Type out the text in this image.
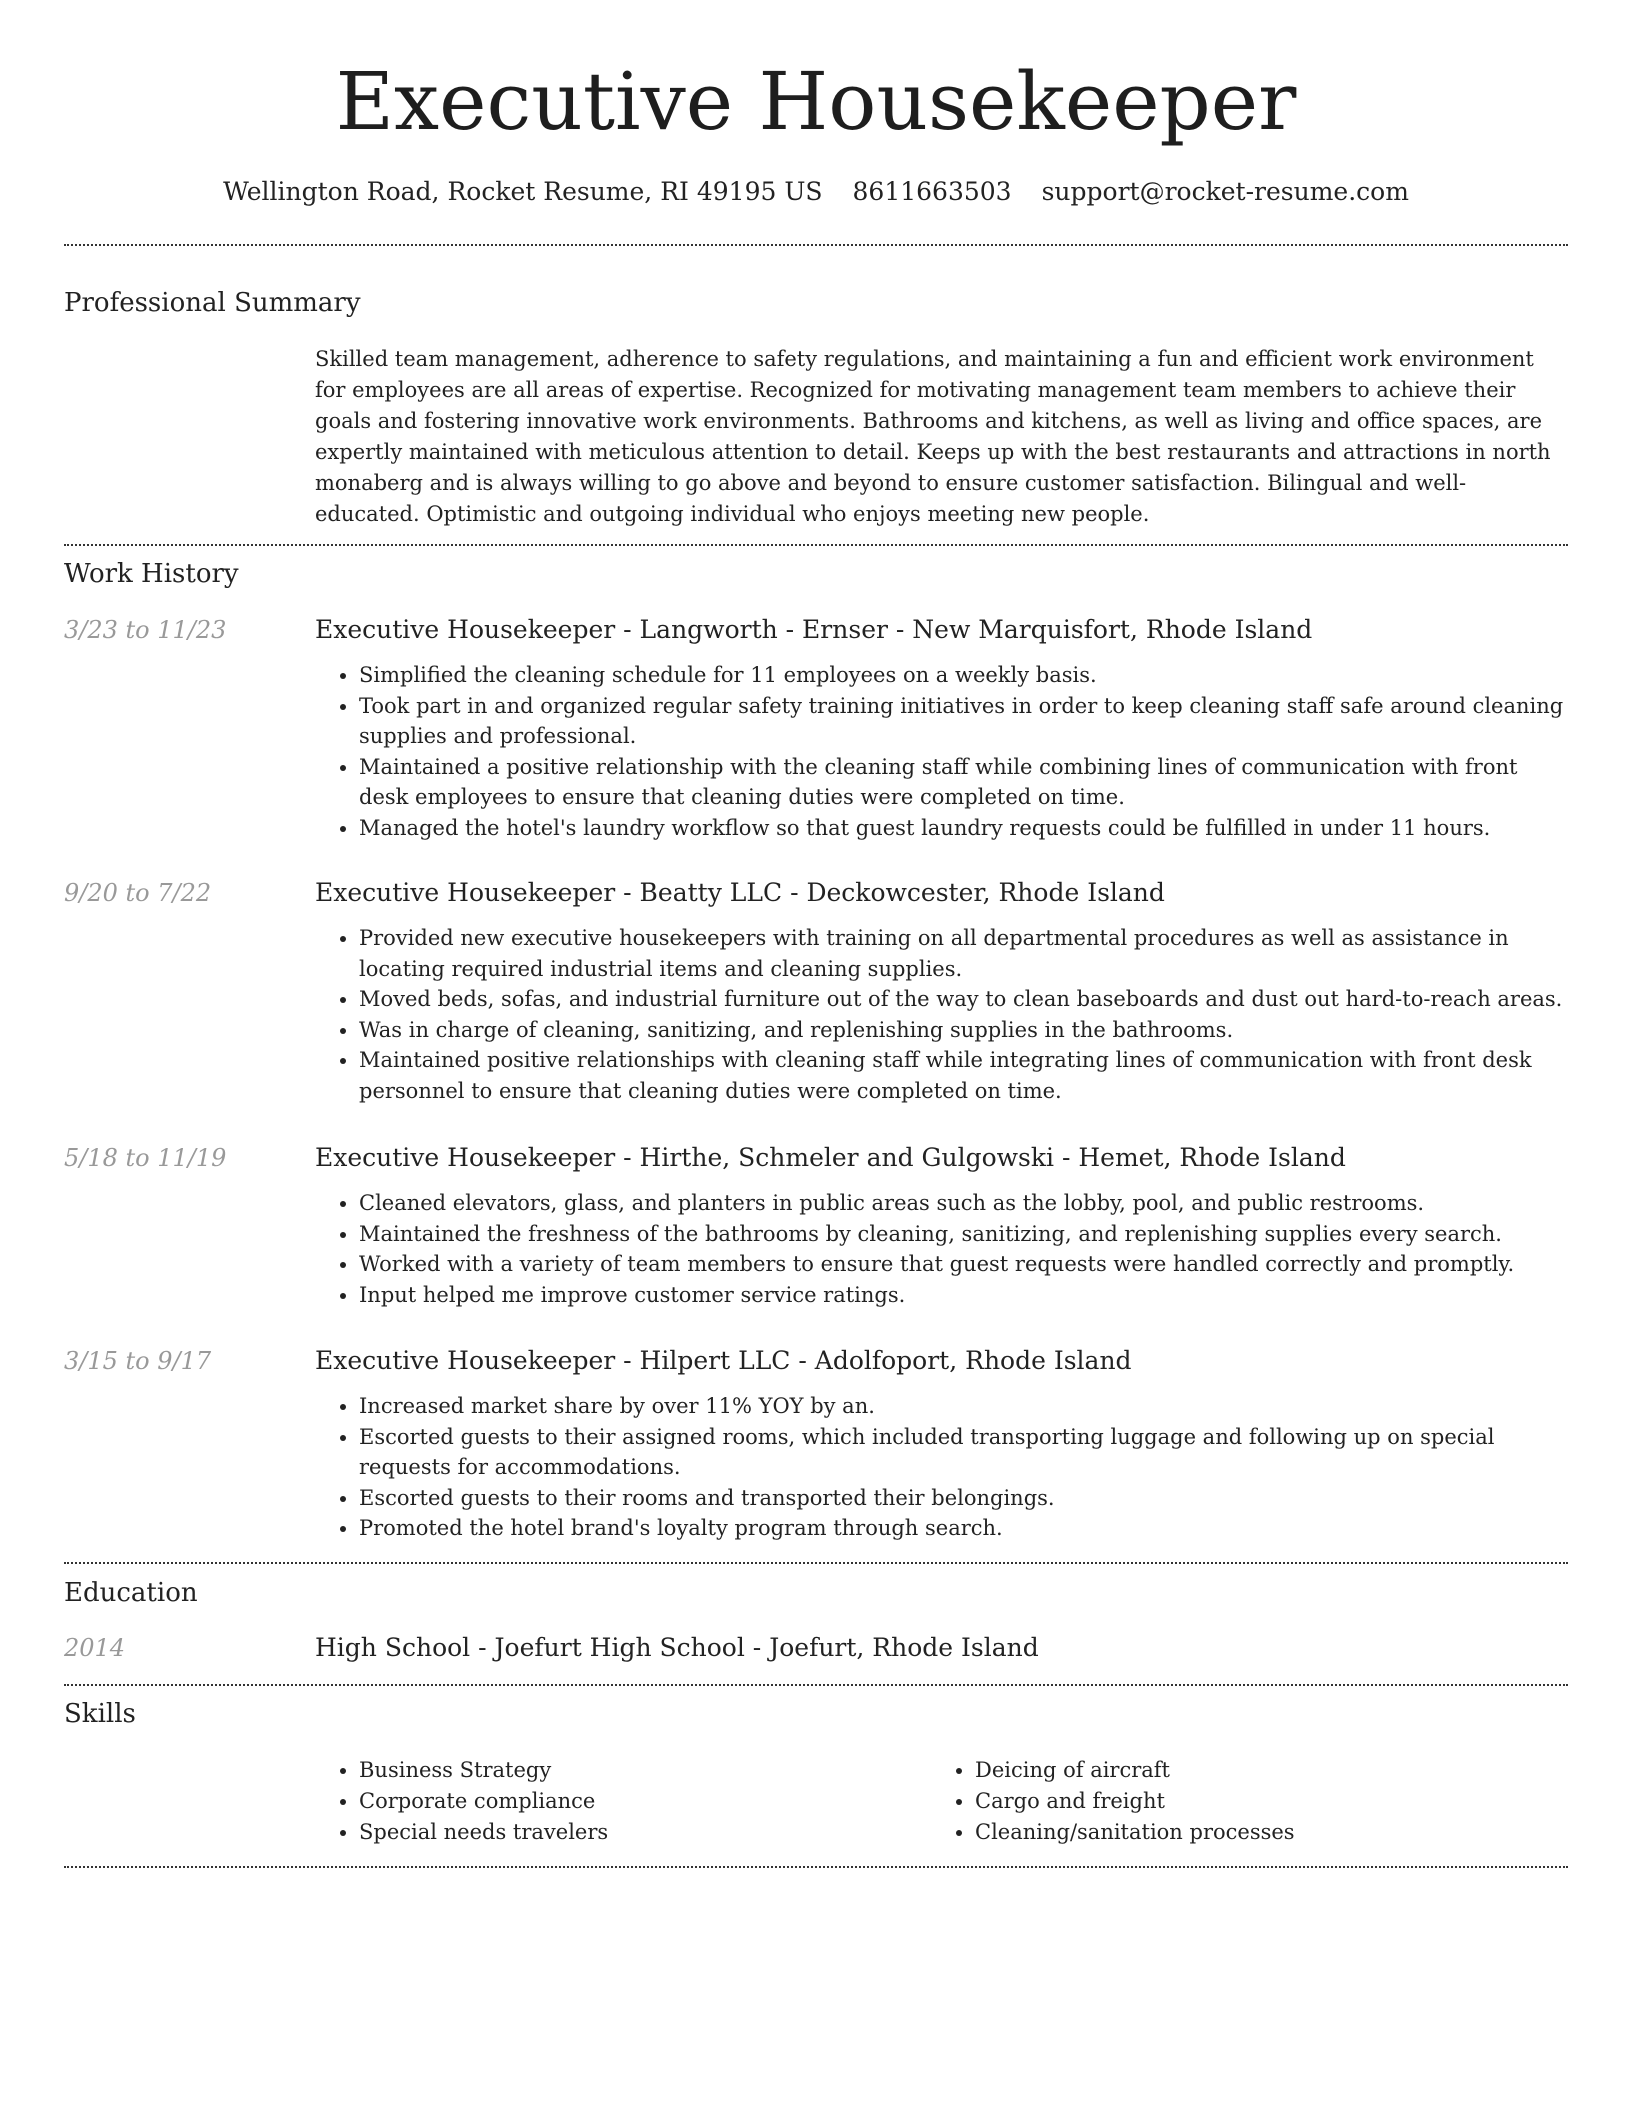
Executive Housekeeper
Wellington Road, Rocket Resume, RI 49195 US 8611663503 support@rocket-resume.com
Professional Summary

Skilled team management, adherence to safety regulations, and maintaining a fun and efficient work environment for employees are all areas of expertise. Recognized for motivating management team members to achieve their goals and fostering innovative work environments. Bathrooms and kitchens, as well as living and office spaces, are expertly maintained with meticulous attention to detail. Keeps up with the best restaurants and attractions in north monaberg and is always willing to go above and beyond to ensure customer satisfaction. Bilingual and well-educated. Optimistic and outgoing individual who enjoys meeting new people.

Work History
3/23 to 11/23	Executive Housekeeper - Langworth - Ernser - New Marquisfort, Rhode Island
• Simplified the cleaning schedule for 11 employees on a weekly basis.
• Took part in and organized regular safety training initiatives in order to keep cleaning staff safe around cleaning supplies and professional.
• Maintained a positive relationship with the cleaning staff while combining lines of communication with front desk employees to ensure that cleaning duties were completed on time.
• Managed the hotel's laundry workflow so that guest laundry requests could be fulfilled in under 11 hours.
9/20 to 7/22	Executive Housekeeper - Beatty LLC - Deckowcester, Rhode Island
• Provided new executive housekeepers with training on all departmental procedures as well as assistance in locating required industrial items and cleaning supplies.
• Moved beds, sofas, and industrial furniture out of the way to clean baseboards and dust out hard-to-reach areas.
• Was in charge of cleaning, sanitizing, and replenishing supplies in the bathrooms.
• Maintained positive relationships with cleaning staff while integrating lines of communication with front desk personnel to ensure that cleaning duties were completed on time.
5/18 to 11/19	Executive Housekeeper - Hirthe, Schmeler and Gulgowski - Hemet, Rhode Island
• Cleaned elevators, glass, and planters in public areas such as the lobby, pool, and public restrooms.
• Maintained the freshness of the bathrooms by cleaning, sanitizing, and replenishing supplies every search.
• Worked with a variety of team members to ensure that guest requests were handled correctly and promptly.
• Input helped me improve customer service ratings.
3/15 to 9/17	Executive Housekeeper - Hilpert LLC - Adolfoport, Rhode Island
• Increased market share by over 11% YOY by an.
• Escorted guests to their assigned rooms, which included transporting luggage and following up on special requests for accommodations.
• Escorted guests to their rooms and transported their belongings.
• Promoted the hotel brand's loyalty program through search.
Education
2014	High School - Joefurt High School - Joefurt, Rhode Island
Skills
• Business Strategy
• Corporate compliance
• Special needs travelers
• Deicing of aircraft
• Cargo and freight
• Cleaning/sanitation processes
